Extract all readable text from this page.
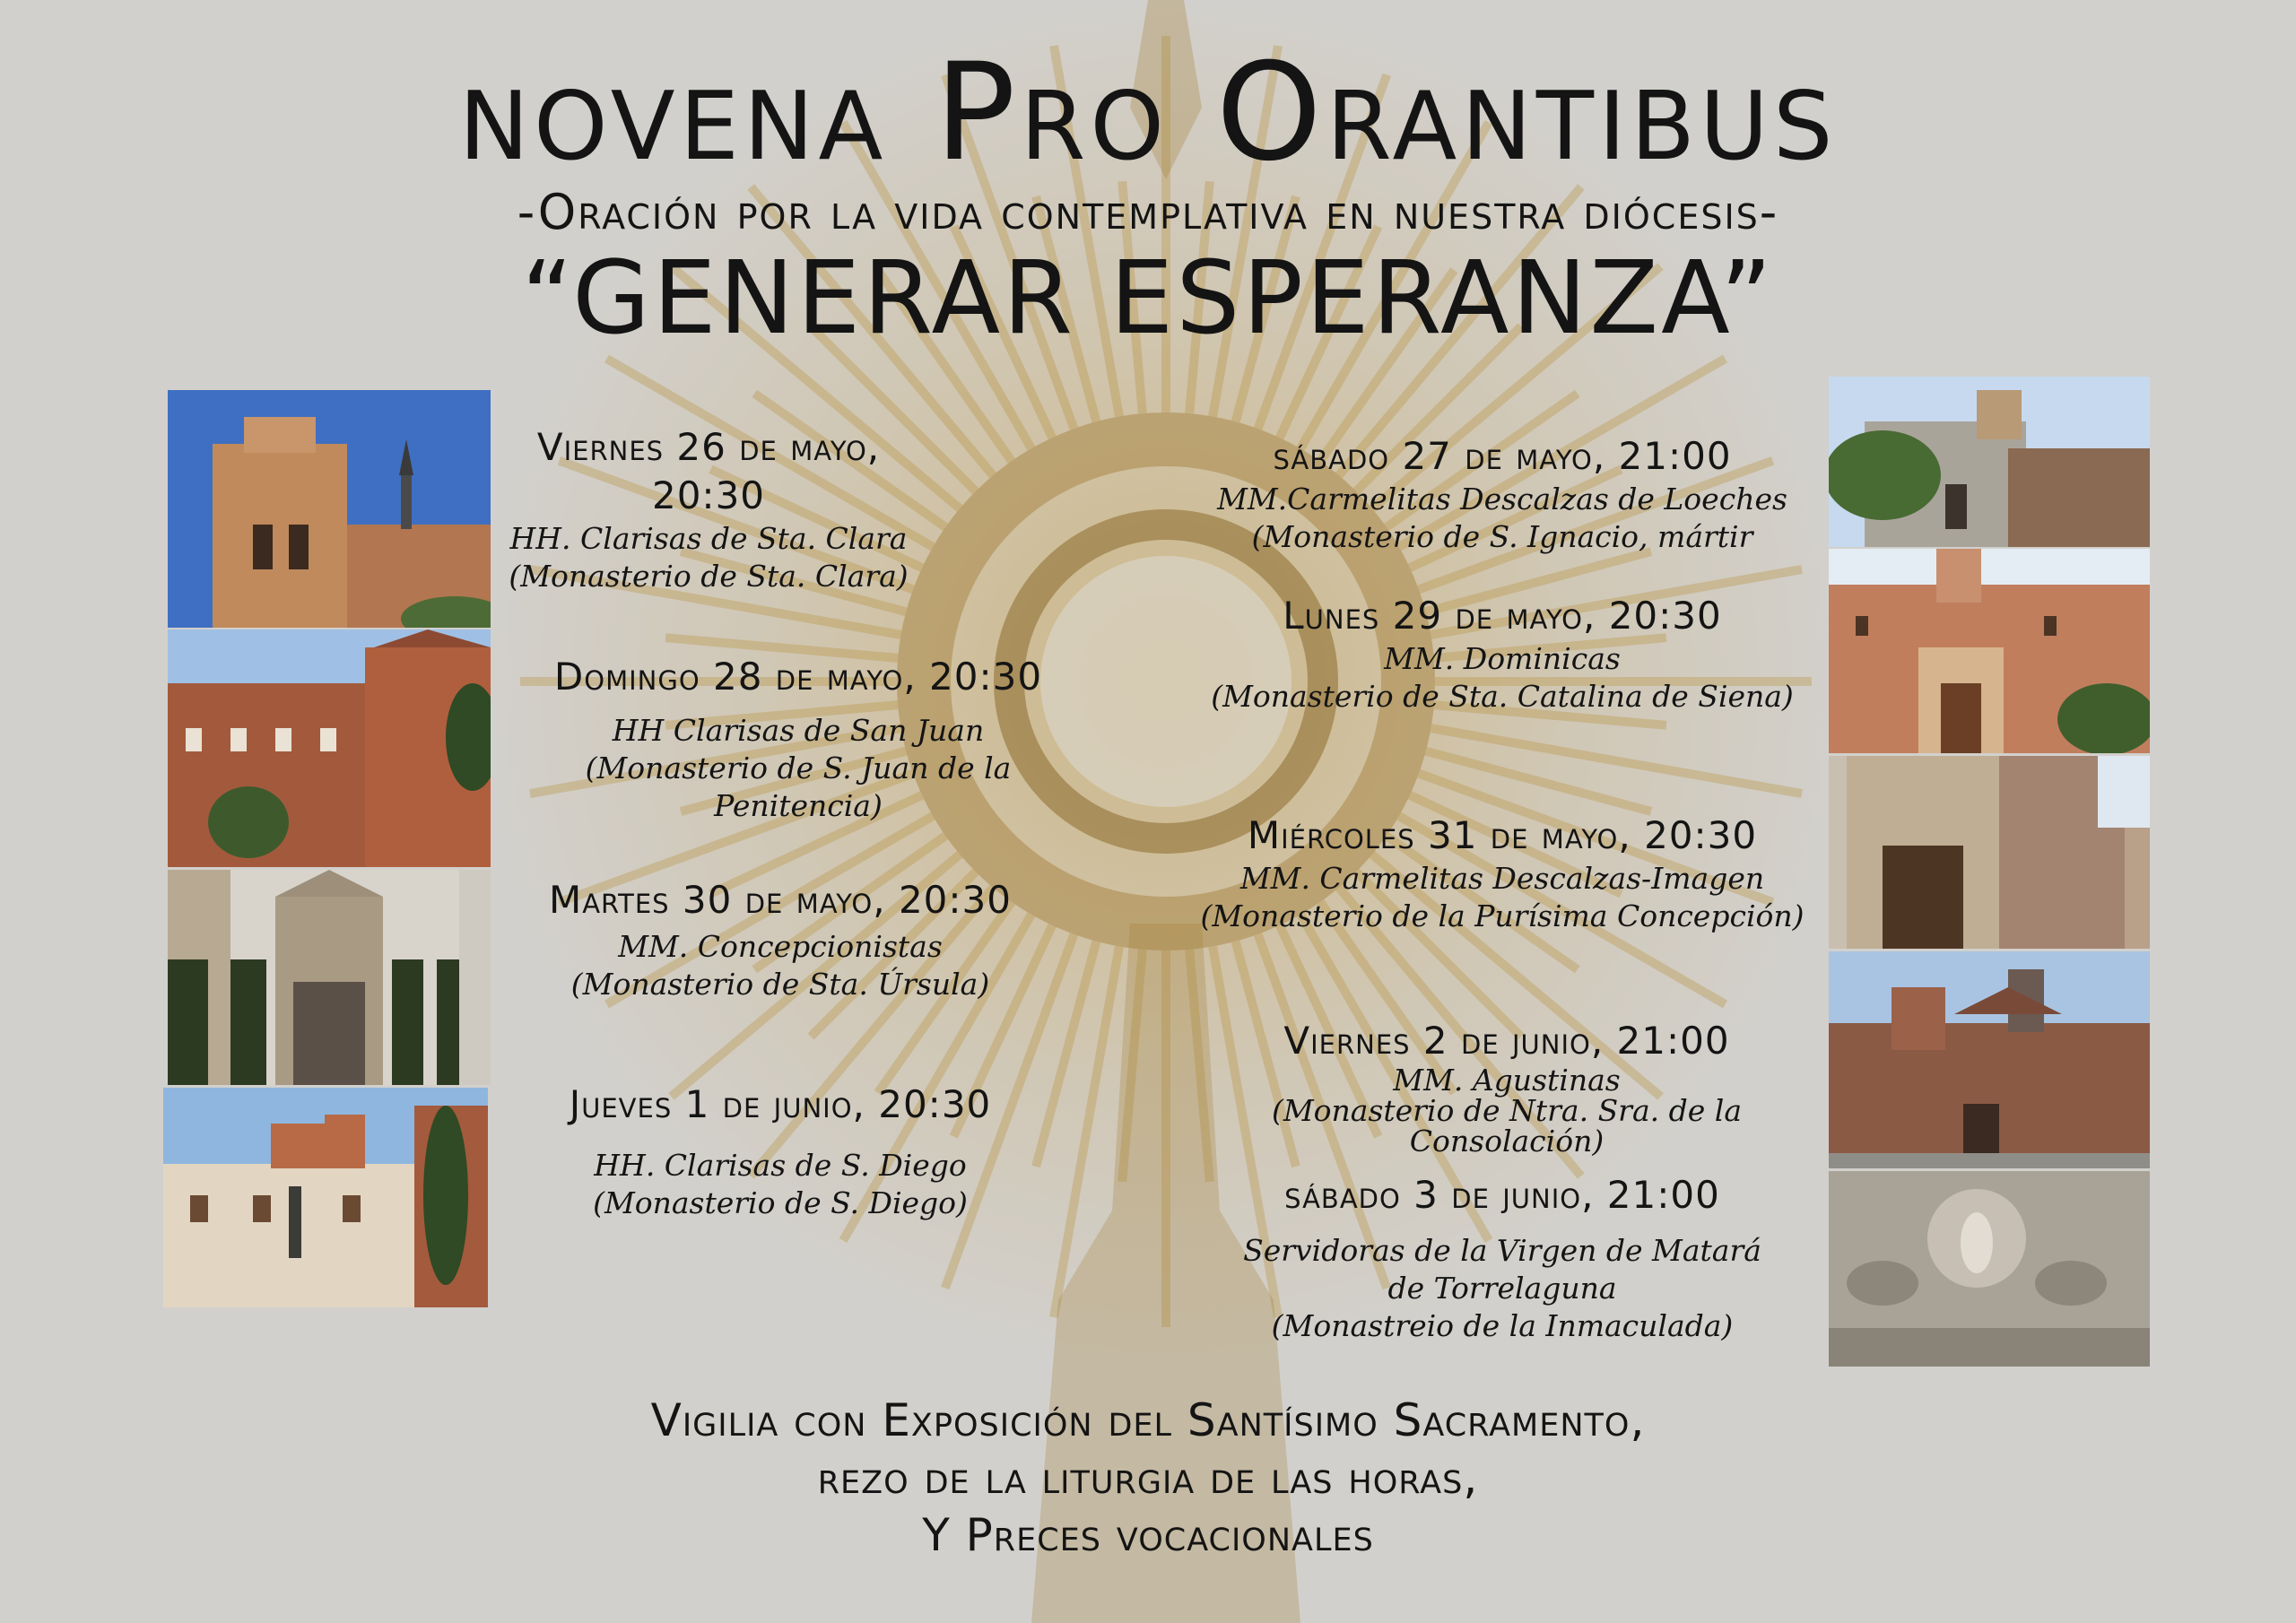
novena Pro Orantibus
-Oración por la vida contemplativa en nuestra diócesis-
“GENERAR ESPERANZA”
Viernes 26 de mayo, 20:30
HH. Clarisas de Sta. Clara
(Monasterio de Sta. Clara)
Domingo 28 de mayo, 20:30
HH Clarisas de San Juan
(Monasterio de S. Juan de la Penitencia)
Martes 30 de mayo, 20:30
MM. Concepcionistas
(Monasterio de Sta. Úrsula)
Jueves 1 de junio, 20:30
HH. Clarisas de S. Diego
(Monasterio de S. Diego)
sábado 27 de mayo, 21:00
MM.Carmelitas Descalzas de Loeches
(Monasterio de S. Ignacio, mártir
Lunes 29 de mayo, 20:30
MM. Dominicas
(Monasterio de Sta. Catalina de Siena)
Miércoles 31 de mayo, 20:30
MM. Carmelitas Descalzas-Imagen
(Monasterio de la Purísima Concepción)
Viernes 2 de junio, 21:00
MM. Agustinas
(Monasterio de Ntra. Sra. de la Consolación)
sábado 3 de junio, 21:00
Servidoras de la Virgen de Matará
de Torrelaguna
(Monastreio de la Inmaculada)
Vigilia con Exposición del Santísimo Sacramento,
rezo de la liturgia de las horas,
Y Preces vocacionales
